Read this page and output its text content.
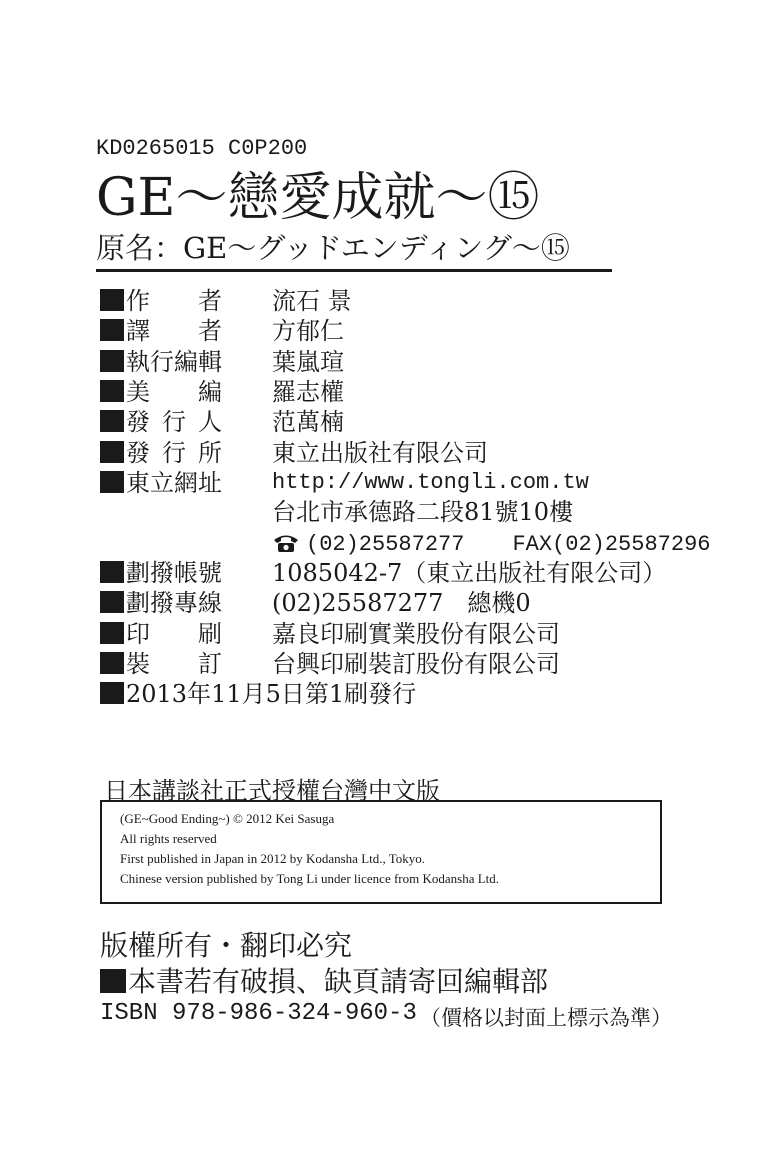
KD0265015 C0P200
GE～戀愛成就～⑮
原名：GE～グッドエンディング～⑮
作 者 流石 景
譯 者 方郁仁
執行編輯 葉嵐瑄
美 編 羅志權
發 行 人 范萬楠
發 行 所 東立出版社有限公司
東立網址 http://www.tongli.com.tw
台北市承德路二段81號10樓
(02)25587277 FAX(02)25587296
劃撥帳號 1085042-7（東立出版社有限公司）
劃撥專線 (02)25587277　總機0
印 刷 嘉良印刷實業股份有限公司
裝 訂 台興印刷裝訂股份有限公司
2013年11月5日第1刷發行
日本講談社正式授權台灣中文版
(GE~Good Ending~) © 2012 Kei Sasuga
All rights reserved
First published in Japan in 2012 by Kodansha Ltd., Tokyo.
Chinese version published by Tong Li under licence from Kodansha Ltd.
版權所有・翻印必究
本書若有破損、缺頁請寄回編輯部
ISBN 978-986-324-960-3 （價格以封面上標示為準）
